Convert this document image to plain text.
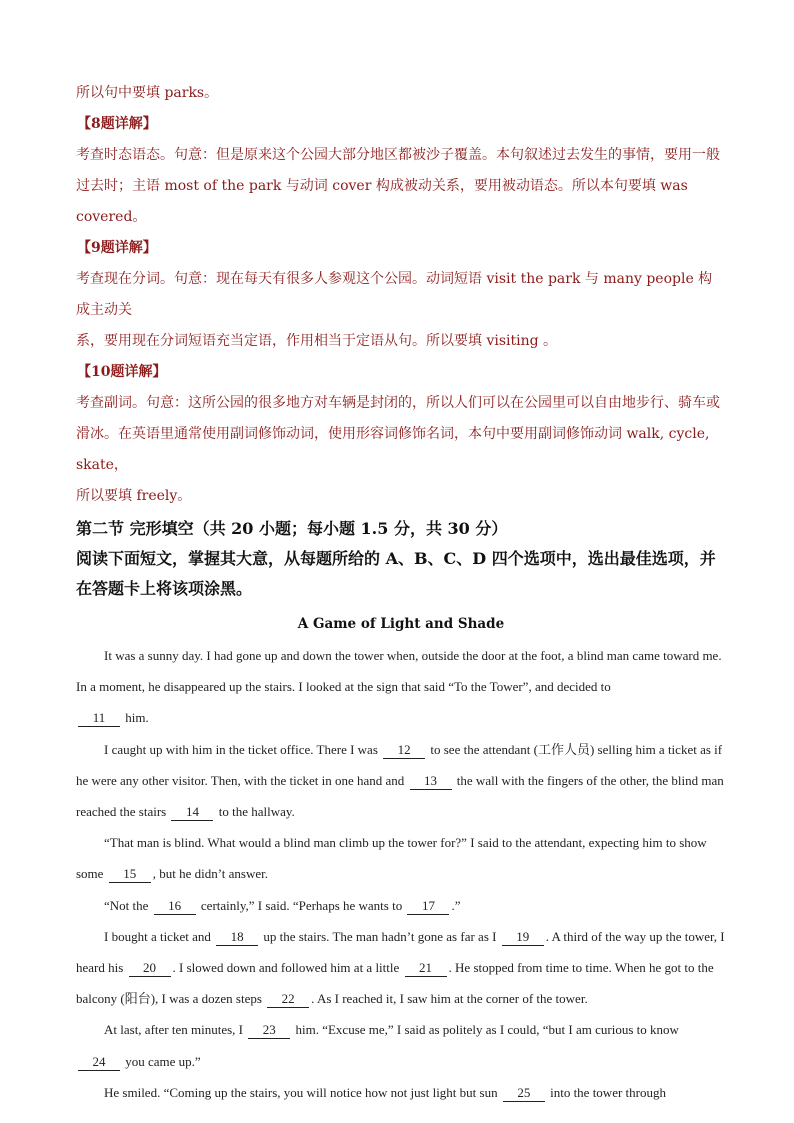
所以句中要填 parks。

【8题详解】

考查时态语态。句意：但是原来这个公园大部分地区都被沙子覆盖。本句叙述过去发生的事情，要用一般

过去时；主语 most of the park 与动词 cover 构成被动关系，要用被动语态。所以本句要填 was covered。

【9题详解】

考查现在分词。句意：现在每天有很多人参观这个公园。动词短语 visit the park 与 many people 构成主动关

系，要用现在分词短语充当定语，作用相当于定语从句。所以要填 visiting 。

【10题详解】

考查副词。句意：这所公园的很多地方对车辆是封闭的，所以人们可以在公园里可以自由地步行、骑车或

滑冰。在英语里通常使用副词修饰动词，使用形容词修饰名词，本句中要用副词修饰动词 walk, cycle, skate，

所以要填 freely。

第二节 完形填空（共 20 小题；每小题 1.5 分，共 30 分）
阅读下面短文，掌握其大意，从每题所给的 A、B、C、D 四个选项中，选出最佳选项，并在答题卡上将该项涂黑。
A Game of Light and Shade

It was a sunny day. I had gone up and down the tower when, outside the door at the foot, a blind man came toward me. In a moment, he disappeared up the stairs. I looked at the sign that said “To the Tower”, and decided to
11 him.

I caught up with him in the ticket office. There I was 12 to see the attendant (工作人员) selling him a ticket as if he were any other visitor. Then, with the ticket in one hand and 13 the wall with the fingers of the other, the blind man reached the stairs 14 to the hallway.

“That man is blind. What would a blind man climb up the tower for?” I said to the attendant, expecting him to show some 15 , but he didn’t answer.

“Not the 16 certainly,” I said. “Perhaps he wants to 17 .”

I bought a ticket and 18 up the stairs. The man hadn’t gone as far as I 19 . A third of the way up the tower, I heard his 20 . I slowed down and followed him at a little 21 . He stopped from time to time. When he got to the balcony (阳台), I was a dozen steps 22 . As I reached it, I saw him at the corner of the tower.

At last, after ten minutes, I 23 him. “Excuse me,” I said as politely as I could, “but I am curious to know 24 you came up.”

He smiled. “Coming up the stairs, you will notice how not just light but sun 25 into the tower through
